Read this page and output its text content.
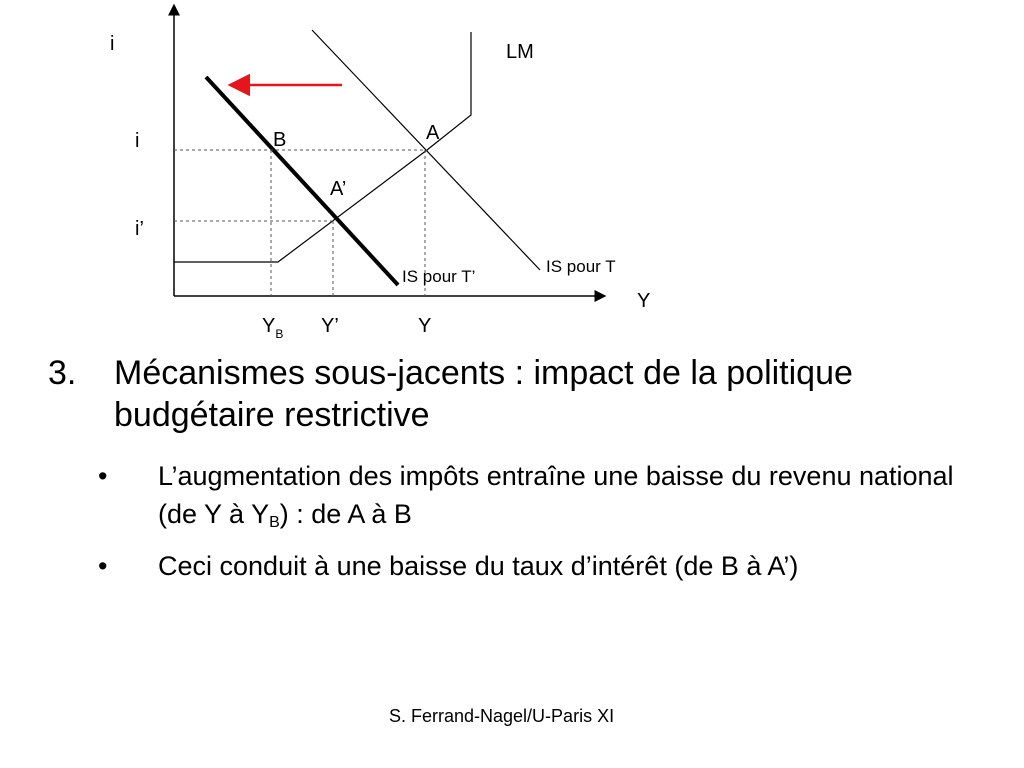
i	LM
A
i	B
A’
i’
IS pour T
IS pour T’
Y
$Y_B$ Y’	Y
3. Mécanismes sous-jacents : impact de la politique budgétaire restrictive
• L’augmentation des impôts entraîne une baisse du revenu national (de Y à $Y_B$) : de A à B
• Ceci conduit à une baisse du taux d’intérêt (de B à A’)
S. Ferrand-Nagel/U-Paris XI
